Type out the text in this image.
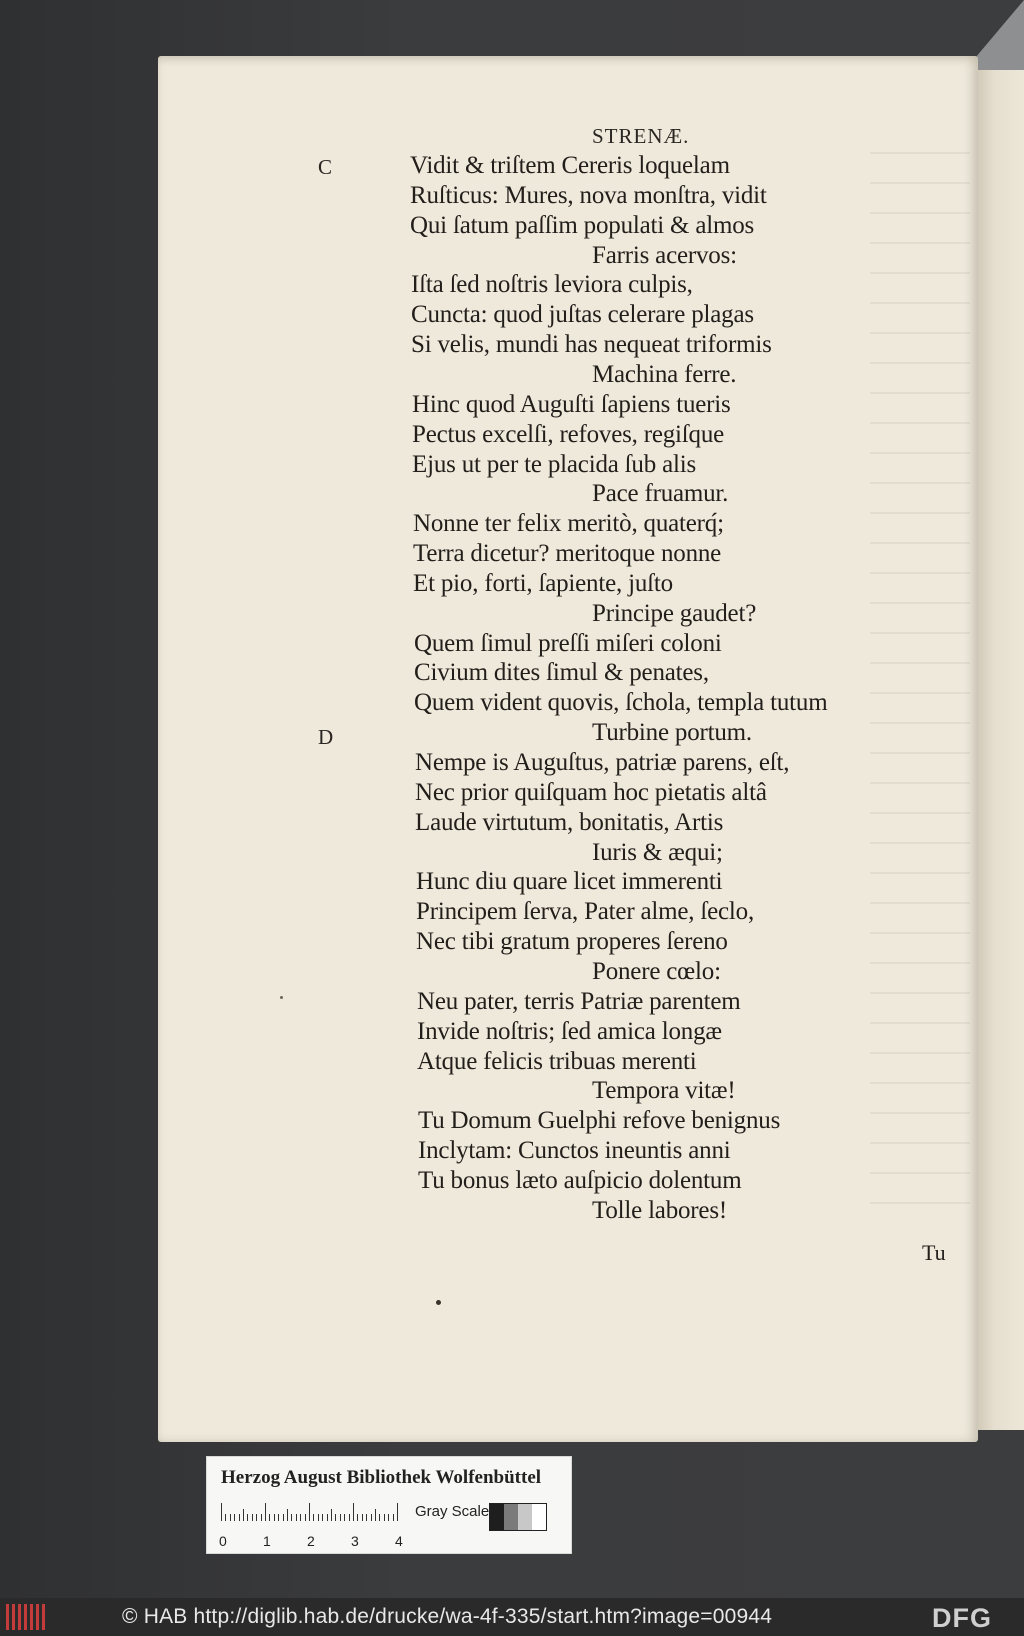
STRENÆ.
C
D
Vidit & triſtem Cereris loquelam
Ruſticus: Mures, nova monſtra, vidit
Qui ſatum paſſim populati & almos
Farris acervos:
Iſta ſed noſtris leviora culpis,
Cuncta: quod juſtas celerare plagas
Si velis, mundi has nequeat triformis
Machina ferre.
Hinc quod Auguſti ſapiens tueris
Pectus excelſi, refoves, regiſque
Ejus ut per te placida ſub alis
Pace fruamur.
Nonne ter felix meritò, quaterq́;
Terra dicetur? meritoque nonne
Et pio, forti, ſapiente, juſto
Principe gaudet?
Quem ſimul preſſi miſeri coloni
Civium dites ſimul & penates,
Quem vident quovis, ſchola, templa tutum
Turbine portum.
Nempe is Auguſtus, patriæ parens, eſt,
Nec prior quiſquam hoc pietatis altâ
Laude virtutum, bonitatis, Artis
Iuris & æqui;
Hunc diu quare licet immerenti
Principem ſerva, Pater alme, ſeclo,
Nec tibi gratum properes ſereno
Ponere cœlo:
Neu pater, terris Patriæ parentem
Invide noſtris; ſed amica longæ
Atque felicis tribuas merenti
Tempora vitæ!
Tu Domum Guelphi refove benignus
Inclytam: Cunctos ineuntis anni
Tu bonus læto auſpicio dolentum
Tolle labores!
Tu
Herzog August Bibliothek Wolfenbüttel
0	1	2	3	4
Gray Scale
© HAB http://diglib.hab.de/drucke/wa-4f-335/start.htm?image=00944	DFG
